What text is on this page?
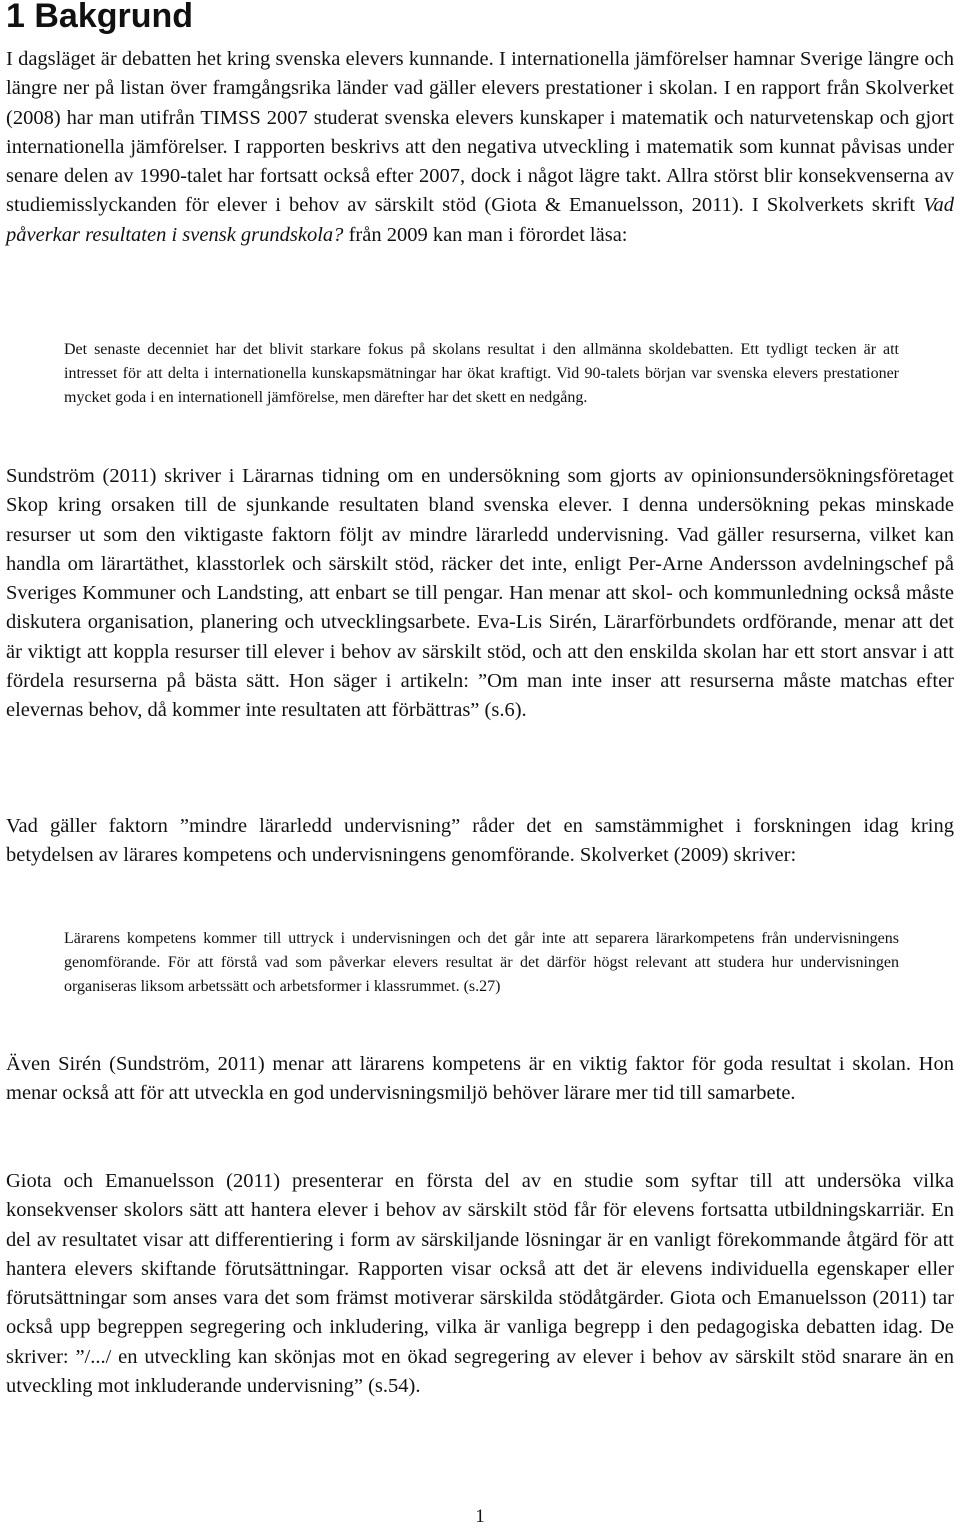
1 Bakgrund

I dagsläget är debatten het kring svenska elevers kunnande. I internationella jämförelser hamnar Sverige längre och längre ner på listan över framgångsrika länder vad gäller elevers prestationer i skolan. I en rapport från Skolverket (2008) har man utifrån TIMSS 2007 studerat svenska elevers kunskaper i matematik och naturvetenskap och gjort internationella jämförelser. I rapporten beskrivs att den negativa utveckling i matematik som kunnat påvisas under senare delen av 1990-talet har fortsatt också efter 2007, dock i något lägre takt. Allra störst blir konsekvenserna av studiemisslyckanden för elever i behov av särskilt stöd (Giota & Emanuelsson, 2011). I Skolverkets skrift Vad påverkar resultaten i svensk grundskola? från 2009 kan man i förordet läsa:

Det senaste decenniet har det blivit starkare fokus på skolans resultat i den allmänna skoldebatten. Ett tydligt tecken är att intresset för att delta i internationella kunskapsmätningar har ökat kraftigt. Vid 90-talets början var svenska elevers prestationer mycket goda i en internationell jämförelse, men därefter har det skett en nedgång.

Sundström (2011) skriver i Lärarnas tidning om en undersökning som gjorts av opinionsundersökningsföretaget Skop kring orsaken till de sjunkande resultaten bland svenska elever. I denna undersökning pekas minskade resurser ut som den viktigaste faktorn följt av mindre lärarledd undervisning. Vad gäller resurserna, vilket kan handla om lärartäthet, klasstorlek och särskilt stöd, räcker det inte, enligt Per-Arne Andersson avdelningschef på Sveriges Kommuner och Landsting, att enbart se till pengar. Han menar att skol- och kommunledning också måste diskutera organisation, planering och utvecklingsarbete. Eva-Lis Sirén, Lärarförbundets ordförande, menar att det är viktigt att koppla resurser till elever i behov av särskilt stöd, och att den enskilda skolan har ett stort ansvar i att fördela resurserna på bästa sätt. Hon säger i artikeln: ”Om man inte inser att resurserna måste matchas efter elevernas behov, då kommer inte resultaten att förbättras” (s.6).

Vad gäller faktorn ”mindre lärarledd undervisning” råder det en samstämmighet i forskningen idag kring betydelsen av lärares kompetens och undervisningens genomförande. Skolverket (2009) skriver:

Lärarens kompetens kommer till uttryck i undervisningen och det går inte att separera lärarkompetens från undervisningens genomförande. För att förstå vad som påverkar elevers resultat är det därför högst relevant att studera hur undervisningen organiseras liksom arbetssätt och arbetsformer i klassrummet. (s.27)

Även Sirén (Sundström, 2011) menar att lärarens kompetens är en viktig faktor för goda resultat i skolan. Hon menar också att för att utveckla en god undervisningsmiljö behöver lärare mer tid till samarbete.

Giota och Emanuelsson (2011) presenterar en första del av en studie som syftar till att undersöka vilka konsekvenser skolors sätt att hantera elever i behov av särskilt stöd får för elevens fortsatta utbildningskarriär. En del av resultatet visar att differentiering i form av särskiljande lösningar är en vanligt förekommande åtgärd för att hantera elevers skiftande förutsättningar. Rapporten visar också att det är elevens individuella egenskaper eller förutsättningar som anses vara det som främst motiverar särskilda stödåtgärder. Giota och Emanuelsson (2011) tar också upp begreppen segregering och inkludering, vilka är vanliga begrepp i den pedagogiska debatten idag. De skriver: ”/.../ en utveckling kan skönjas mot en ökad segregering av elever i behov av särskilt stöd snarare än en utveckling mot inkluderande undervisning” (s.54).

1
